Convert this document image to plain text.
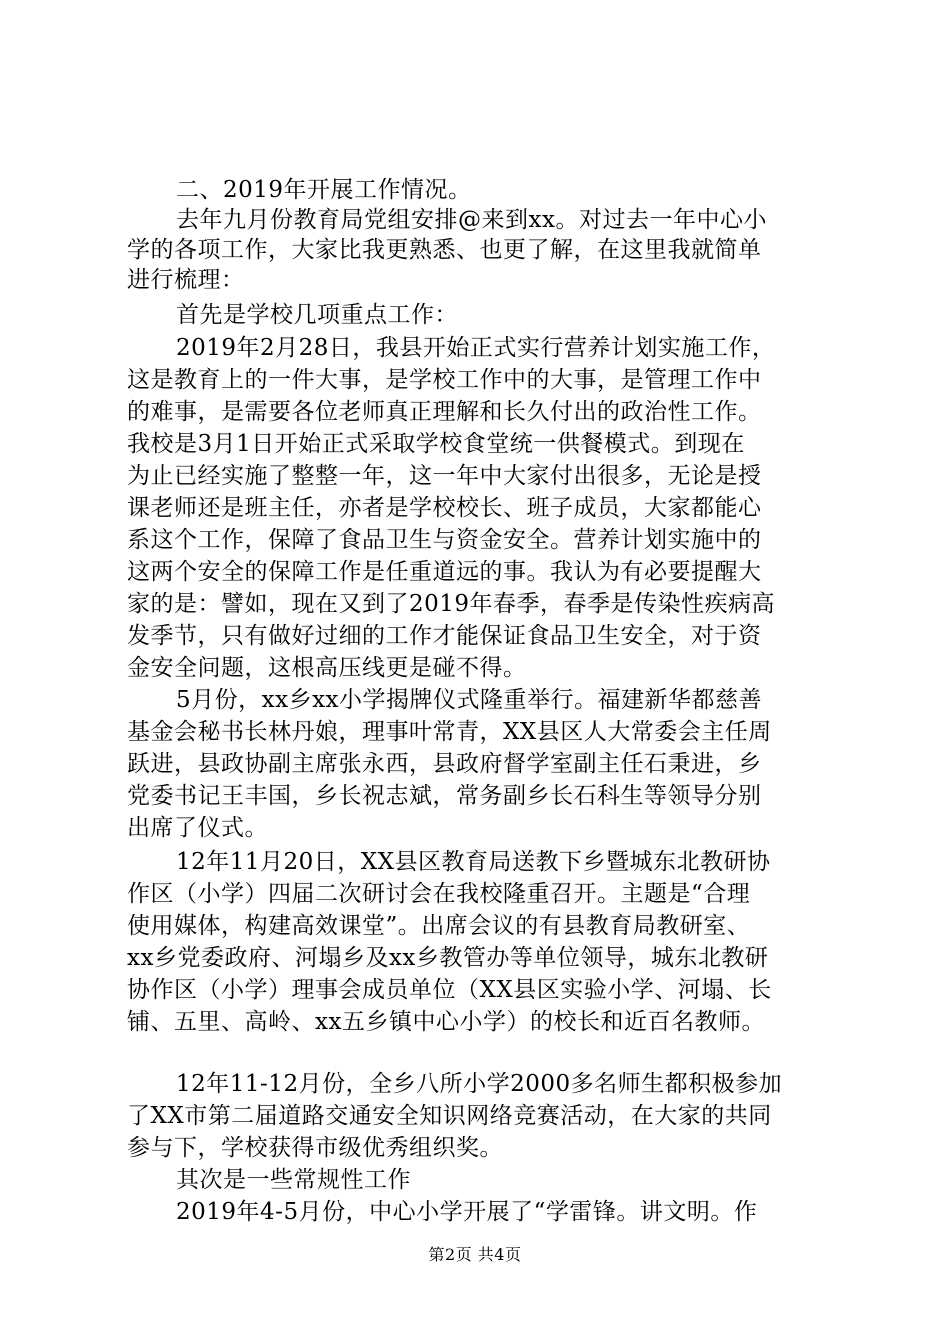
二、2019年开展工作情况。
去年九月份教育局党组安排@来到xx。对过去一年中心小
学的各项工作，大家比我更熟悉、也更了解，在这里我就简单
进行梳理：
首先是学校几项重点工作：
2019年2月28日，我县开始正式实行营养计划实施工作，
这是教育上的一件大事，是学校工作中的大事，是管理工作中
的难事，是需要各位老师真正理解和长久付出的政治性工作。
我校是3月1日开始正式采取学校食堂统一供餐模式。到现在
为止已经实施了整整一年，这一年中大家付出很多，无论是授
课老师还是班主任，亦者是学校校长、班子成员，大家都能心
系这个工作，保障了食品卫生与资金安全。营养计划实施中的
这两个安全的保障工作是任重道远的事。我认为有必要提醒大
家的是：譬如，现在又到了2019年春季，春季是传染性疾病高
发季节，只有做好过细的工作才能保证食品卫生安全，对于资
金安全问题，这根高压线更是碰不得。
5月份，xx乡xx小学揭牌仪式隆重举行。福建新华都慈善
基金会秘书长林丹娘，理事叶常青，XX县区人大常委会主任周
跃进，县政协副主席张永西，县政府督学室副主任石秉进，乡
党委书记王丰国，乡长祝志斌，常务副乡长石科生等领导分别
出席了仪式。
12年11月20日，XX县区教育局送教下乡暨城东北教研协
作区（小学）四届二次研讨会在我校隆重召开。主题是“合理
使用媒体，构建高效课堂”。出席会议的有县教育局教研室、
xx乡党委政府、河塌乡及xx乡教管办等单位领导，城东北教研
协作区（小学）理事会成员单位（XX县区实验小学、河塌、长
铺、五里、高岭、xx五乡镇中心小学）的校长和近百名教师。
12年11-12月份，全乡八所小学2000多名师生都积极参加
了XX市第二届道路交通安全知识网络竞赛活动，在大家的共同
参与下，学校获得市级优秀组织奖。
其次是一些常规性工作
2019年4-5月份，中心小学开展了“学雷锋。讲文明。作
第2页 共4页
